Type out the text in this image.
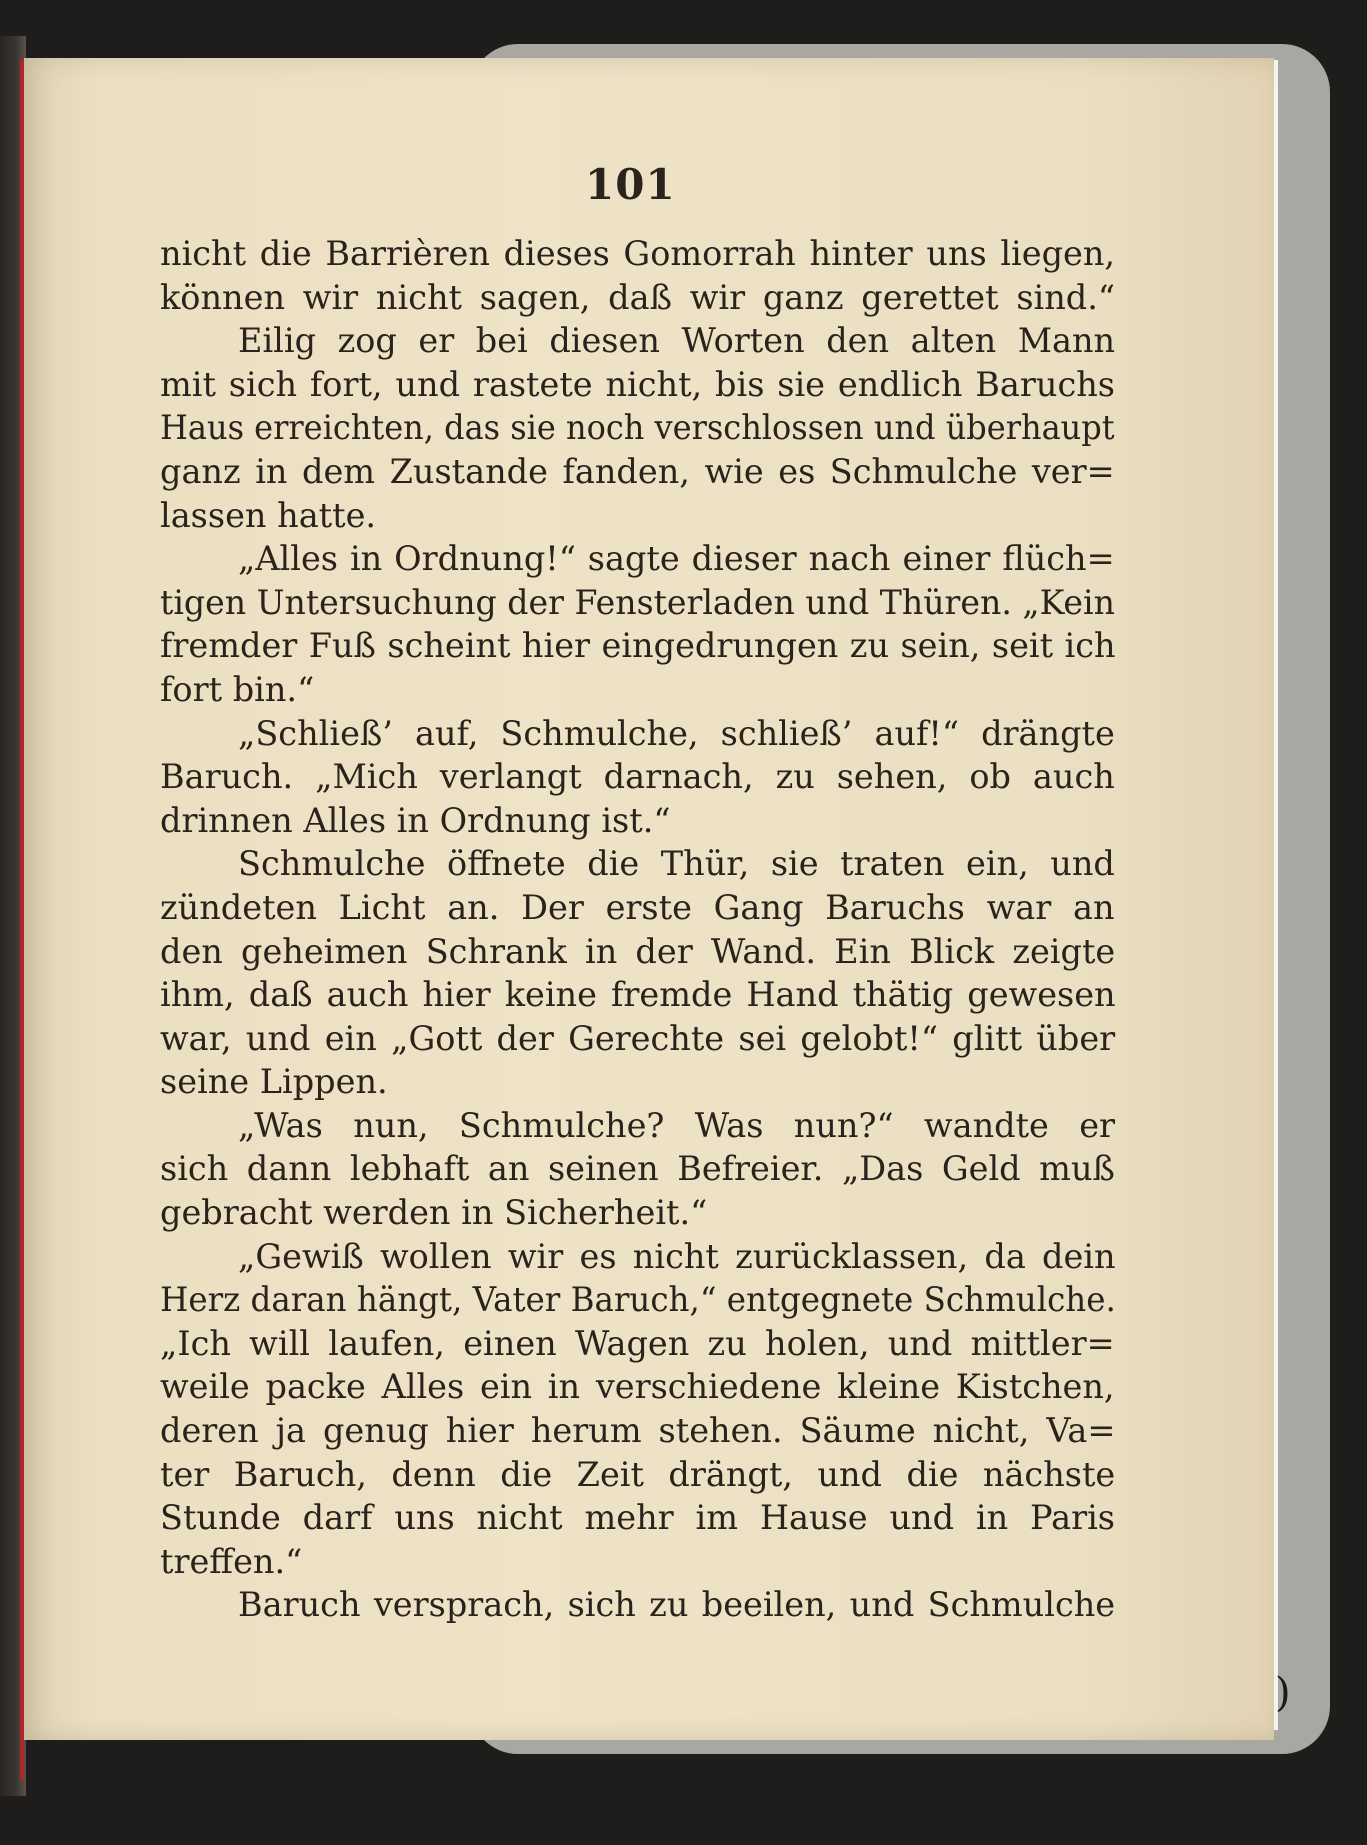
101
nicht die Barrièren dieses Gomorrah hinter uns liegen,
können wir nicht sagen, daß wir ganz gerettet sind.“
Eilig zog er bei diesen Worten den alten Mann
mit sich fort, und rastete nicht, bis sie endlich Baruchs
Haus erreichten, das sie noch verschlossen und überhaupt
ganz in dem Zustande fanden, wie es Schmulche ver=
lassen hatte.
„Alles in Ordnung!“ sagte dieser nach einer flüch=
tigen Untersuchung der Fensterladen und Thüren. „Kein
fremder Fuß scheint hier eingedrungen zu sein, seit ich
fort bin.“
„Schließ’ auf, Schmulche, schließ’ auf!“ drängte
Baruch. „Mich verlangt darnach, zu sehen, ob auch
drinnen Alles in Ordnung ist.“
Schmulche öffnete die Thür, sie traten ein, und
zündeten Licht an. Der erste Gang Baruchs war an
den geheimen Schrank in der Wand. Ein Blick zeigte
ihm, daß auch hier keine fremde Hand thätig gewesen
war, und ein „Gott der Gerechte sei gelobt!“ glitt über
seine Lippen.
„Was nun, Schmulche? Was nun?“ wandte er
sich dann lebhaft an seinen Befreier. „Das Geld muß
gebracht werden in Sicherheit.“
„Gewiß wollen wir es nicht zurücklassen, da dein
Herz daran hängt, Vater Baruch,“ entgegnete Schmulche.
„Ich will laufen, einen Wagen zu holen, und mittler=
weile packe Alles ein in verschiedene kleine Kistchen,
deren ja genug hier herum stehen. Säume nicht, Va=
ter Baruch, denn die Zeit drängt, und die nächste
Stunde darf uns nicht mehr im Hause und in Paris
treffen.“
Baruch versprach, sich zu beeilen, und Schmulche
)
